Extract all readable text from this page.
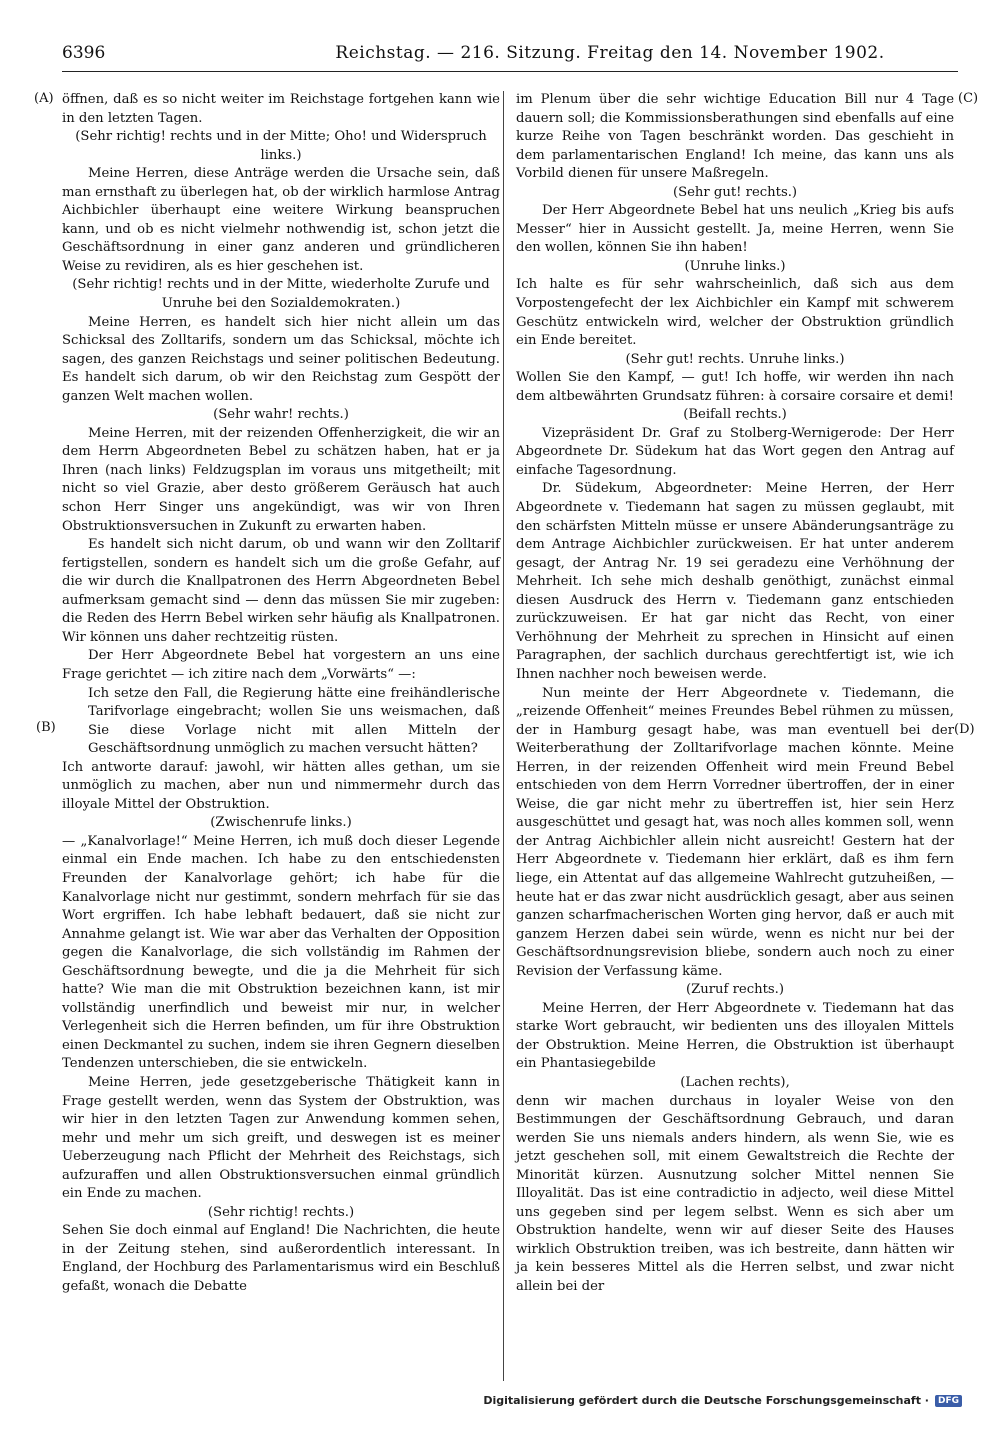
6396	Reichstag. — 216. Sitzung. Freitag den 14. November 1902.
(A)
(B)
(C)
(D)

öffnen, daß es so nicht weiter im Reichstage fortgehen kann wie in den letzten Tagen.

(Sehr richtig! rechts und in der Mitte; Oho! und Widerspruch links.)

Meine Herren, diese Anträge werden die Ursache sein, daß man ernsthaft zu überlegen hat, ob der wirklich harmlose Antrag Aichbichler überhaupt eine weitere Wirkung beanspruchen kann, und ob es nicht vielmehr nothwendig ist, schon jetzt die Geschäftsordnung in einer ganz anderen und gründlicheren Weise zu revidiren, als es hier geschehen ist.

(Sehr richtig! rechts und in der Mitte, wiederholte Zurufe und Unruhe bei den Sozialdemokraten.)

Meine Herren, es handelt sich hier nicht allein um das Schicksal des Zolltarifs, sondern um das Schicksal, möchte ich sagen, des ganzen Reichstags und seiner politischen Bedeutung. Es handelt sich darum, ob wir den Reichstag zum Gespött der ganzen Welt machen wollen.

(Sehr wahr! rechts.)

Meine Herren, mit der reizenden Offenherzigkeit, die wir an dem Herrn Abgeordneten Bebel zu schätzen haben, hat er ja Ihren (nach links) Feldzugsplan im voraus uns mitgetheilt; mit nicht so viel Grazie, aber desto größerem Geräusch hat auch schon Herr Singer uns angekündigt, was wir von Ihren Obstruktionsversuchen in Zukunft zu erwarten haben.

Es handelt sich nicht darum, ob und wann wir den Zolltarif fertigstellen, sondern es handelt sich um die große Gefahr, auf die wir durch die Knallpatronen des Herrn Abgeordneten Bebel aufmerksam gemacht sind — denn das müssen Sie mir zugeben: die Reden des Herrn Bebel wirken sehr häufig als Knallpatronen. Wir können uns daher rechtzeitig rüsten.

Der Herr Abgeordnete Bebel hat vorgestern an uns eine Frage gerichtet — ich zitire nach dem „Vorwärts“ —:

Ich setze den Fall, die Regierung hätte eine freihändlerische Tarifvorlage eingebracht; wollen Sie uns weismachen, daß Sie diese Vorlage nicht mit allen Mitteln der Geschäftsordnung unmöglich zu machen versucht hätten?

Ich antworte darauf: jawohl, wir hätten alles gethan, um sie unmöglich zu machen, aber nun und nimmermehr durch das illoyale Mittel der Obstruktion.

(Zwischenrufe links.)

— „Kanalvorlage!“ Meine Herren, ich muß doch dieser Legende einmal ein Ende machen. Ich habe zu den entschiedensten Freunden der Kanalvorlage gehört; ich habe für die Kanalvorlage nicht nur gestimmt, sondern mehrfach für sie das Wort ergriffen. Ich habe lebhaft bedauert, daß sie nicht zur Annahme gelangt ist. Wie war aber das Verhalten der Opposition gegen die Kanalvorlage, die sich vollständig im Rahmen der Geschäftsordnung bewegte, und die ja die Mehrheit für sich hatte? Wie man die mit Obstruktion bezeichnen kann, ist mir vollständig unerfindlich und beweist mir nur, in welcher Verlegenheit sich die Herren befinden, um für ihre Obstruktion einen Deckmantel zu suchen, indem sie ihren Gegnern dieselben Tendenzen unterschieben, die sie entwickeln.

Meine Herren, jede gesetzgeberische Thätigkeit kann in Frage gestellt werden, wenn das System der Obstruktion, was wir hier in den letzten Tagen zur Anwendung kommen sehen, mehr und mehr um sich greift, und deswegen ist es meiner Ueberzeugung nach Pflicht der Mehrheit des Reichstags, sich aufzuraffen und allen Obstruktionsversuchen einmal gründlich ein Ende zu machen.

(Sehr richtig! rechts.)

Sehen Sie doch einmal auf England! Die Nachrichten, die heute in der Zeitung stehen, sind außerordentlich interessant. In England, der Hochburg des Parlamentarismus wird ein Beschluß gefaßt, wonach die Debatte

im Plenum über die sehr wichtige Education Bill nur 4 Tage dauern soll; die Kommissionsberathungen sind ebenfalls auf eine kurze Reihe von Tagen beschränkt worden. Das geschieht in dem parlamentarischen England! Ich meine, das kann uns als Vorbild dienen für unsere Maßregeln.

(Sehr gut! rechts.)

Der Herr Abgeordnete Bebel hat uns neulich „Krieg bis aufs Messer“ hier in Aussicht gestellt. Ja, meine Herren, wenn Sie den wollen, können Sie ihn haben!

(Unruhe links.)

Ich halte es für sehr wahrscheinlich, daß sich aus dem Vorpostengefecht der lex Aichbichler ein Kampf mit schwerem Geschütz entwickeln wird, welcher der Obstruktion gründlich ein Ende bereitet.

(Sehr gut! rechts. Unruhe links.)

Wollen Sie den Kampf, — gut! Ich hoffe, wir werden ihn nach dem altbewährten Grundsatz führen: à corsaire corsaire et demi!

(Beifall rechts.)

Vizepräsident Dr. Graf zu Stolberg-Wernigerode: Der Herr Abgeordnete Dr. Südekum hat das Wort gegen den Antrag auf einfache Tagesordnung.

Dr. Südekum, Abgeordneter: Meine Herren, der Herr Abgeordnete v. Tiedemann hat sagen zu müssen geglaubt, mit den schärfsten Mitteln müsse er unsere Abänderungsanträge zu dem Antrage Aichbichler zurückweisen. Er hat unter anderem gesagt, der Antrag Nr. 19 sei geradezu eine Verhöhnung der Mehrheit. Ich sehe mich deshalb genöthigt, zunächst einmal diesen Ausdruck des Herrn v. Tiedemann ganz entschieden zurückzuweisen. Er hat gar nicht das Recht, von einer Verhöhnung der Mehrheit zu sprechen in Hinsicht auf einen Paragraphen, der sachlich durchaus gerechtfertigt ist, wie ich Ihnen nachher noch beweisen werde.

Nun meinte der Herr Abgeordnete v. Tiedemann, die „reizende Offenheit“ meines Freundes Bebel rühmen zu müssen, der in Hamburg gesagt habe, was man eventuell bei der Weiterberathung der Zolltarifvorlage machen könnte. Meine Herren, in der reizenden Offenheit wird mein Freund Bebel entschieden von dem Herrn Vorredner übertroffen, der in einer Weise, die gar nicht mehr zu übertreffen ist, hier sein Herz ausgeschüttet und gesagt hat, was noch alles kommen soll, wenn der Antrag Aichbichler allein nicht ausreicht! Gestern hat der Herr Abgeordnete v. Tiedemann hier erklärt, daß es ihm fern liege, ein Attentat auf das allgemeine Wahlrecht gutzuheißen, — heute hat er das zwar nicht ausdrücklich gesagt, aber aus seinen ganzen scharfmacherischen Worten ging hervor, daß er auch mit ganzem Herzen dabei sein würde, wenn es nicht nur bei der Geschäftsordnungsrevision bliebe, sondern auch noch zu einer Revision der Verfassung käme.

(Zuruf rechts.)

Meine Herren, der Herr Abgeordnete v. Tiedemann hat das starke Wort gebraucht, wir bedienten uns des illoyalen Mittels der Obstruktion. Meine Herren, die Obstruktion ist überhaupt ein Phantasiegebilde

(Lachen rechts),

denn wir machen durchaus in loyaler Weise von den Bestimmungen der Geschäftsordnung Gebrauch, und daran werden Sie uns niemals anders hindern, als wenn Sie, wie es jetzt geschehen soll, mit einem Gewaltstreich die Rechte der Minorität kürzen. Ausnutzung solcher Mittel nennen Sie Illoyalität. Das ist eine contradictio in adjecto, weil diese Mittel uns gegeben sind per legem selbst. Wenn es sich aber um Obstruktion handelte, wenn wir auf dieser Seite des Hauses wirklich Obstruktion treiben, was ich bestreite, dann hätten wir ja kein besseres Mittel als die Herren selbst, und zwar nicht allein bei der

Digitalisierung gefördert durch die Deutsche Forschungsgemeinschaft ·	DFG
